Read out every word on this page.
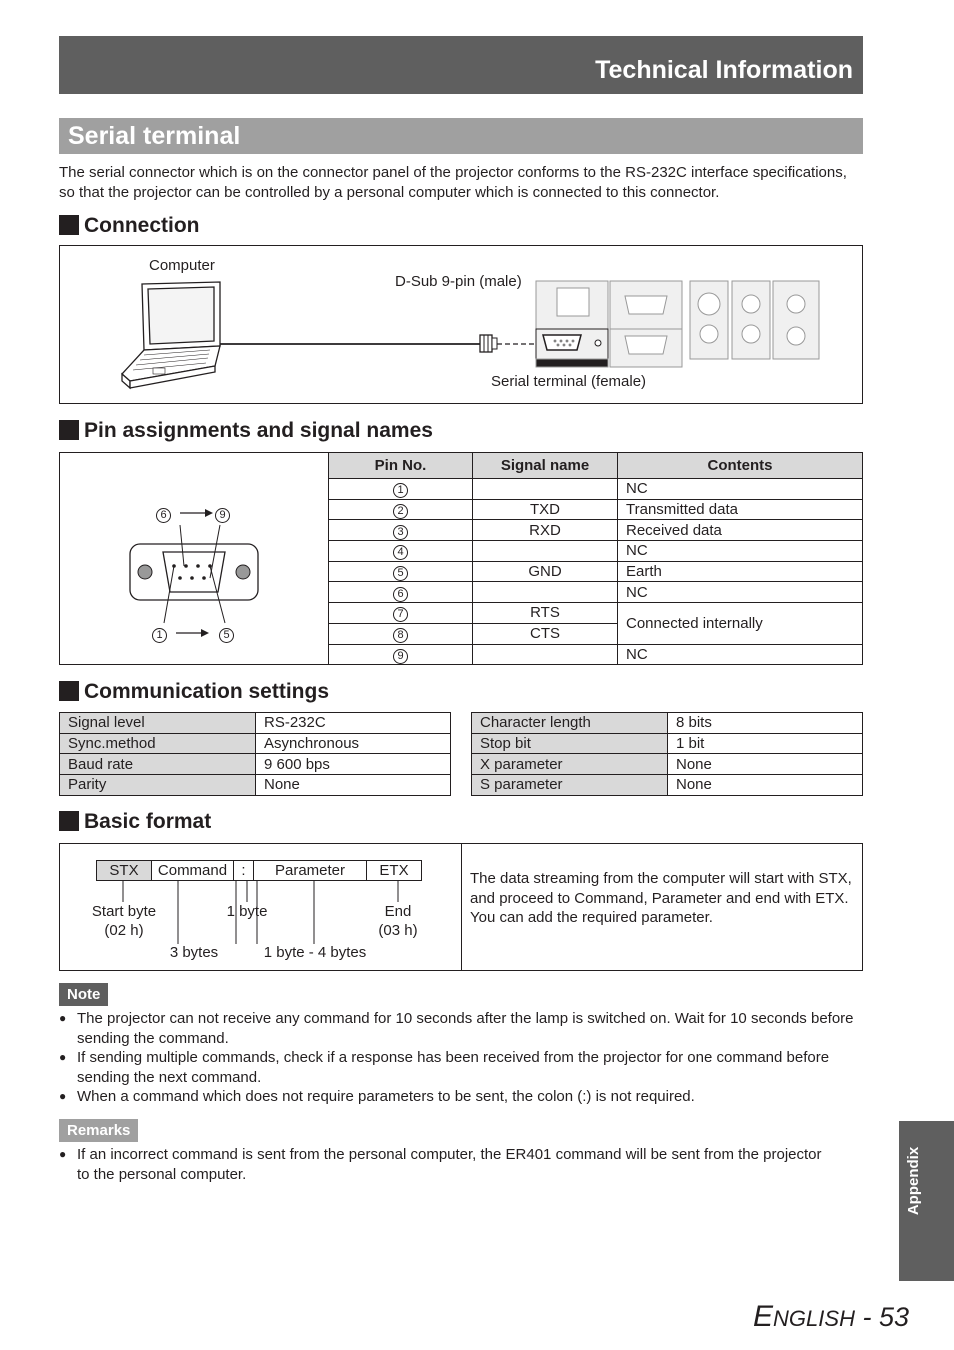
Technical Information
Serial terminal
The serial connector which is on the connector panel of the projector conforms to the RS-232C interface specifications, so that the projector can be controlled by a personal computer which is connected to this connector.
Connection
Computer
D-Sub 9-pin (male)
Serial terminal (female)
Pin assignments and signal names
6	9
1	5
Pin No.	Signal name	Contents
1		NC
2	TXD	Transmitted data
3	RXD	Received data
4		NC
5	GND	Earth
6		NC
7	RTS	Connected internally
8	CTS	
9		NC
Communication settings
Signal level	RS-232C
Sync.method	Asynchronous
Baud rate	9 600 bps
Parity	None
Character length	8 bits
Stop bit	1 bit
X parameter	None
S parameter	None
Basic format
STX	Command	:	Parameter	ETX
Start byte
(02 h)
1 byte	End
(03 h)
3 bytes	1 byte - 4 bytes
The data streaming from the computer will start with STX, and proceed to Command, Parameter and end with ETX.
You can add the required parameter.
Note
● The projector can not receive any command for 10 seconds after the lamp is switched on. Wait for 10 seconds before sending the command.
● If sending multiple commands, check if a response has been received from the projector for one command before sending the next command.
● When a command which does not require parameters to be sent, the colon (:) is not required.
Remarks
● If an incorrect command is sent from the personal computer, the ER401 command will be sent from the projector to the personal computer.	Appendix
ENGLISH - 53
